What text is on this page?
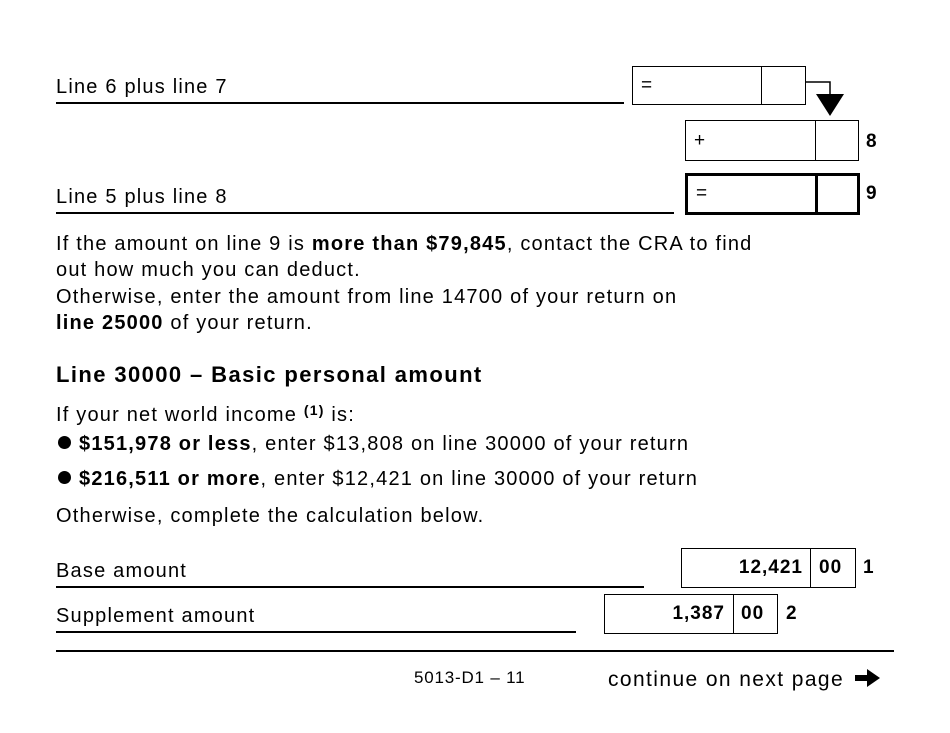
Line 6 plus line 7	=
+	8
Line 5 plus line 8	=	9
If the amount on line 9 is more than $79,845, contact the CRA to find
out how much you can deduct.
Otherwise, enter the amount from line 14700 of your return on
line 25000 of your return.
Line 30000 – Basic personal amount
If your net world income $^{(1)}$ is:
$151,978 or less, enter $13,808 on line 30000 of your return
$216,511 or more, enter $12,421 on line 30000 of your return
Otherwise, complete the calculation below.
Base amount	12,421 00 1
Supplement amount	1,387 00 2
5013-D1 – 11	continue on next page
